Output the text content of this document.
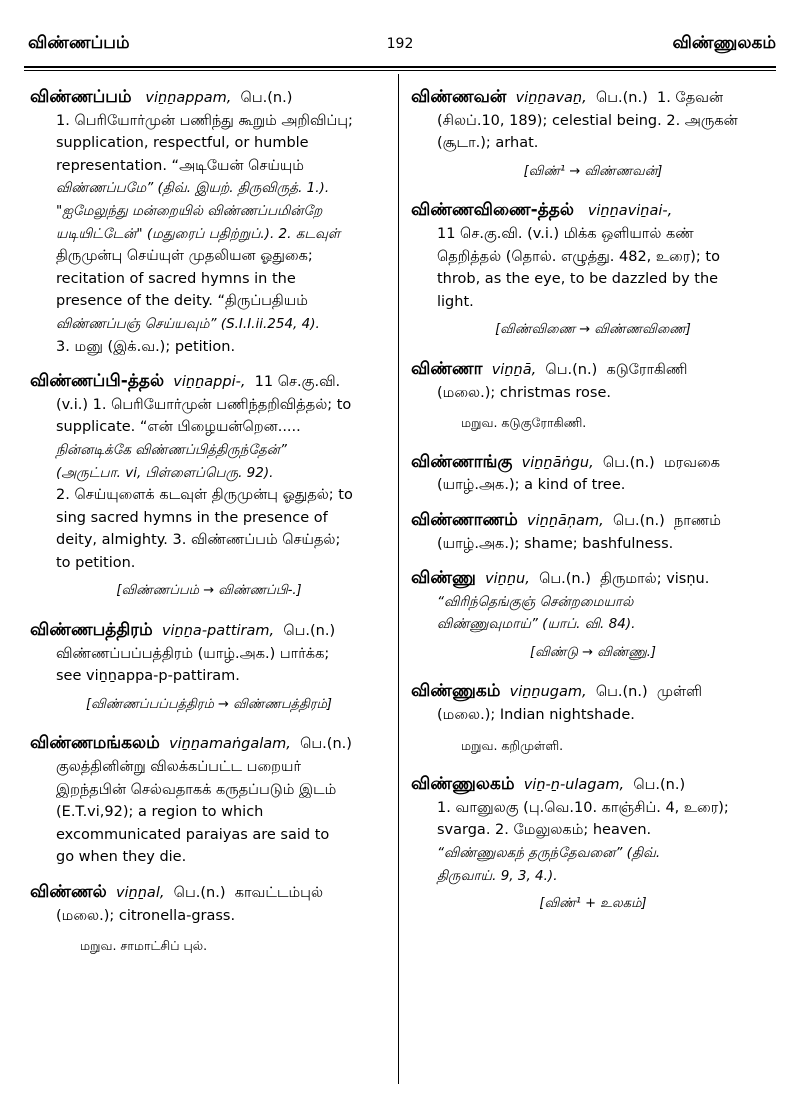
விண்ணப்பம்	192	விண்ணுலகம்
விண்ணப்பம் viṉṉappam, பெ.(n.)
1. பெரியோர்முன் பணிந்து கூறும் அறிவிப்பு;
supplication, respectful, or humble
representation. “அடியேன் செய்யும்
விண்ணப்பமே” (திவ். இயற். திருவிருத். 1.).
"ஐமேலுந்து மன்றையில் விண்ணப்பமின்றே
யடியிட்டேன்" (மதுரைப் பதிற்றுப்.). 2. கடவுள்
திருமுன்பு செய்யுள் முதலியன ஓதுகை;
recitation of sacred hymns in the
presence of the deity. “திருப்பதியம்
விண்ணப்பஞ் செய்யவும்” (S.I.I.ii.254, 4).
3. மனு (இக்.வ.); petition.
விண்ணப்பி-த்தல் viṉṉappi-, 11 செ.கு.வி.
(v.i.) 1. பெரியோர்முன் பணிந்தறிவித்தல்; to
supplicate. “என் பிழையன்றென.....
நின்னடிக்கே விண்ணப்பித்திருந்தேன்”
(அருட்பா. vi, பிள்ளைப்பெரு. 92).
2. செய்யுளைக் கடவுள் திருமுன்பு ஓதுதல்; to
sing sacred hymns in the presence of
deity, almighty. 3. விண்ணப்பம் செய்தல்;
to petition.
[விண்ணப்பம் → விண்ணப்பி-.]
விண்ணபத்திரம் viṉṉa-pattiram, பெ.(n.)
விண்ணப்பப்பத்திரம் (யாழ்.அக.) பார்க்க;
see viṉṉappa-p-pattiram.
[விண்ணப்பப்பத்திரம் → விண்ணபத்திரம்]
விண்ணமங்கலம் viṉṉamaṅgalam, பெ.(n.)
குலத்தினின்று விலக்கப்பட்ட பறையர்
இறந்தபின் செல்வதாகக் கருதப்படும் இடம்
(E.T.vi,92); a region to which
excommunicated paraiyas are said to
go when they die.
விண்ணல் viṉṉal, பெ.(n.) காவட்டம்புல்
(மலை.); citronella-grass.
மறுவ. சாமாட்சிப் புல்.
விண்ணவன் viṉṉavaṉ, பெ.(n.) 1. தேவன்
(சிலப்.10, 189); celestial being. 2. அருகன்
(சூடா.); arhat.
[விண்¹ → விண்ணவன்]
விண்ணவிணை-த்தல் viṉṉaviṉai-,
11 செ.கு.வி. (v.i.) மிக்க ஒளியால் கண்
தெறித்தல் (தொல். எழுத்து. 482, உரை); to
throb, as the eye, to be dazzled by the
light.
[விண்விணை → விண்ணவிணை]
விண்ணா viṉṉā, பெ.(n.) கடுரோகிணி
(மலை.); christmas rose.
மறுவ. கடுகுரோகிணி.
விண்ணாங்கு viṉṉāṅgu, பெ.(n.) மரவகை
(யாழ்.அக.); a kind of tree.
விண்ணாணம் viṉṉāṇam, பெ.(n.) நாணம்
(யாழ்.அக.); shame; bashfulness.
விண்ணு viṉṉu, பெ.(n.) திருமால்; visṇu.
“விரிந்தெங்குஞ் சென்றமையால்
விண்ணுவுமாய்” (யாப். வி. 84).
[விண்டு → விண்ணு.]
விண்ணுகம் viṉṉugam, பெ.(n.) முள்ளி
(மலை.); Indian nightshade.
மறுவ. கறிமுள்ளி.
விண்ணுலகம் viṉ-ṉ-ulagam, பெ.(n.)
1. வானுலகு (பு.வெ.10. காஞ்சிப். 4, உரை);
svarga. 2. மேலுலகம்; heaven.
“விண்ணுலகந் தருந்தேவனை” (திவ்.
திருவாய். 9, 3, 4.).
[விண்¹ + உலகம்]
